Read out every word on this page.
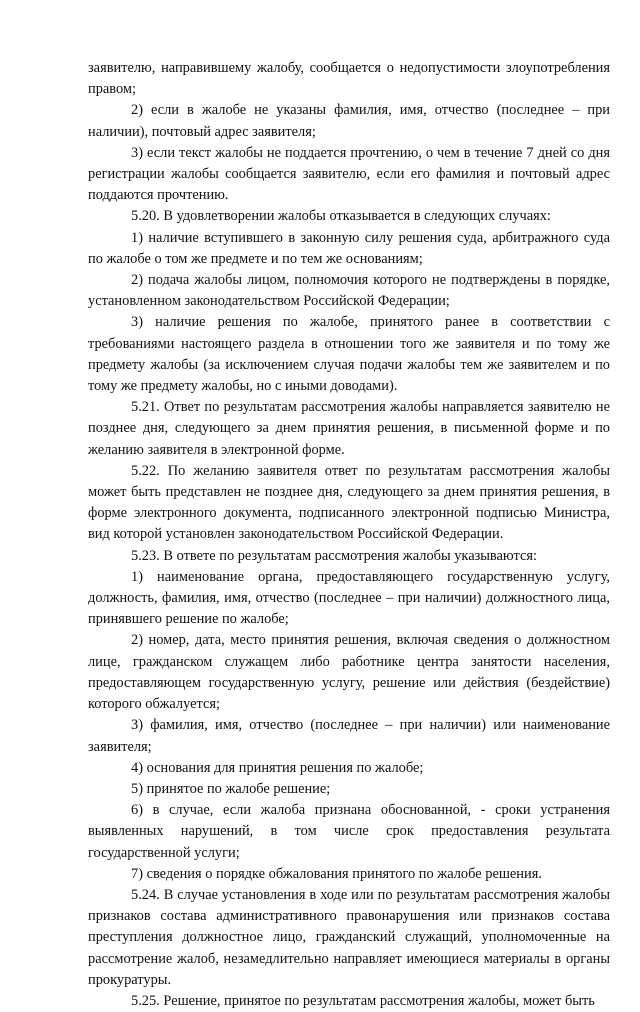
заявителю, направившему жалобу, сообщается о недопустимости злоупотребления правом;

2) если в жалобе не указаны фамилия, имя, отчество (последнее – при наличии), почтовый адрес заявителя;

3) если текст жалобы не поддается прочтению, о чем в течение 7 дней со дня регистрации жалобы сообщается заявителю, если его фамилия и почтовый адрес поддаются прочтению.

5.20. В удовлетворении жалобы отказывается в следующих случаях:

1) наличие вступившего в законную силу решения суда, арбитражного суда по жалобе о том же предмете и по тем же основаниям;

2) подача жалобы лицом, полномочия которого не подтверждены в порядке, установленном законодательством Российской Федерации;

3) наличие решения по жалобе, принятого ранее в соответствии с требованиями настоящего раздела в отношении того же заявителя и по тому же предмету жалобы (за исключением случая подачи жалобы тем же заявителем и по тому же предмету жалобы, но с иными доводами).

5.21. Ответ по результатам рассмотрения жалобы направляется заявителю не позднее дня, следующего за днем принятия решения, в письменной форме и по желанию заявителя в электронной форме.

5.22. По желанию заявителя ответ по результатам рассмотрения жалобы может быть представлен не позднее дня, следующего за днем принятия решения, в форме электронного документа, подписанного электронной подписью Министра, вид которой установлен законодательством Российской Федерации.

5.23. В ответе по результатам рассмотрения жалобы указываются:

1) наименование органа, предоставляющего государственную услугу, должность, фамилия, имя, отчество (последнее – при наличии) должностного лица, принявшего решение по жалобе;

2) номер, дата, место принятия решения, включая сведения о должностном лице, гражданском служащем либо работнике центра занятости населения, предоставляющем государственную услугу, решение или действия (бездействие) которого обжалуется;

3) фамилия, имя, отчество (последнее – при наличии) или наименование заявителя;

4) основания для принятия решения по жалобе;

5) принятое по жалобе решение;

6) в случае, если жалоба признана обоснованной, - сроки устранения выявленных нарушений, в том числе срок предоставления результата государственной услуги;

7) сведения о порядке обжалования принятого по жалобе решения.

5.24. В случае установления в ходе или по результатам рассмотрения жалобы признаков состава административного правонарушения или признаков состава преступления должностное лицо, гражданский служащий, уполномоченные на рассмотрение жалоб, незамедлительно направляет имеющиеся материалы в органы прокуратуры.

5.25. Решение, принятое по результатам рассмотрения жалобы, может быть
